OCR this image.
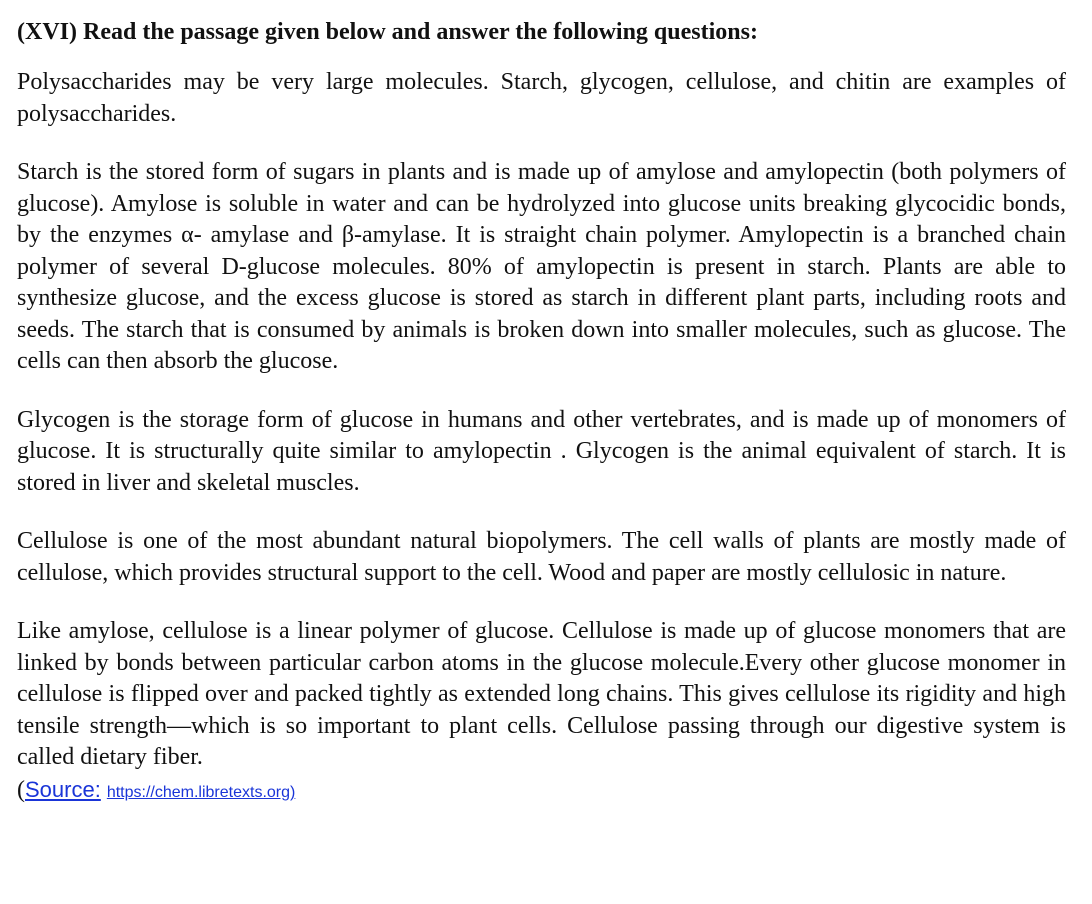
(XVI) Read the passage given below and answer the following questions:

Polysaccharides may be very large molecules. Starch, glycogen, cellulose, and chitin are examples of polysaccharides.

Starch is the stored form of sugars in plants and is made up of amylose and amylopectin (both polymers of glucose). Amylose is soluble in water and can be hydrolyzed into glucose units breaking glycocidic bonds, by the enzymes α- amylase and β-amylase. It is straight chain polymer. Amylopectin is a branched chain polymer of several D-glucose molecules. 80% of amylopectin is present in starch. Plants are able to synthesize glucose, and the excess glucose is stored as starch in different plant parts, including roots and seeds. The starch that is consumed by animals is broken down into smaller molecules, such as glucose. The cells can then absorb the glucose.

Glycogen is the storage form of glucose in humans and other vertebrates, and is made up of monomers of glucose. It is structurally quite similar to amylopectin . Glycogen is the animal equivalent of starch. It is stored in liver and skeletal muscles.

Cellulose is one of the most abundant natural biopolymers. The cell walls of plants are mostly made of cellulose, which provides structural support to the cell. Wood and paper are mostly cellulosic in nature.

Like amylose, cellulose is a linear polymer of glucose. Cellulose is made up of glucose monomers that are linked by bonds between particular carbon atoms in the glucose molecule.Every other glucose monomer in cellulose is flipped over and packed tightly as extended long chains. This gives cellulose its rigidity and high tensile strength—which is so important to plant cells. Cellulose passing through our digestive system is called dietary fiber.

(Source: https://chem.libretexts.org)
